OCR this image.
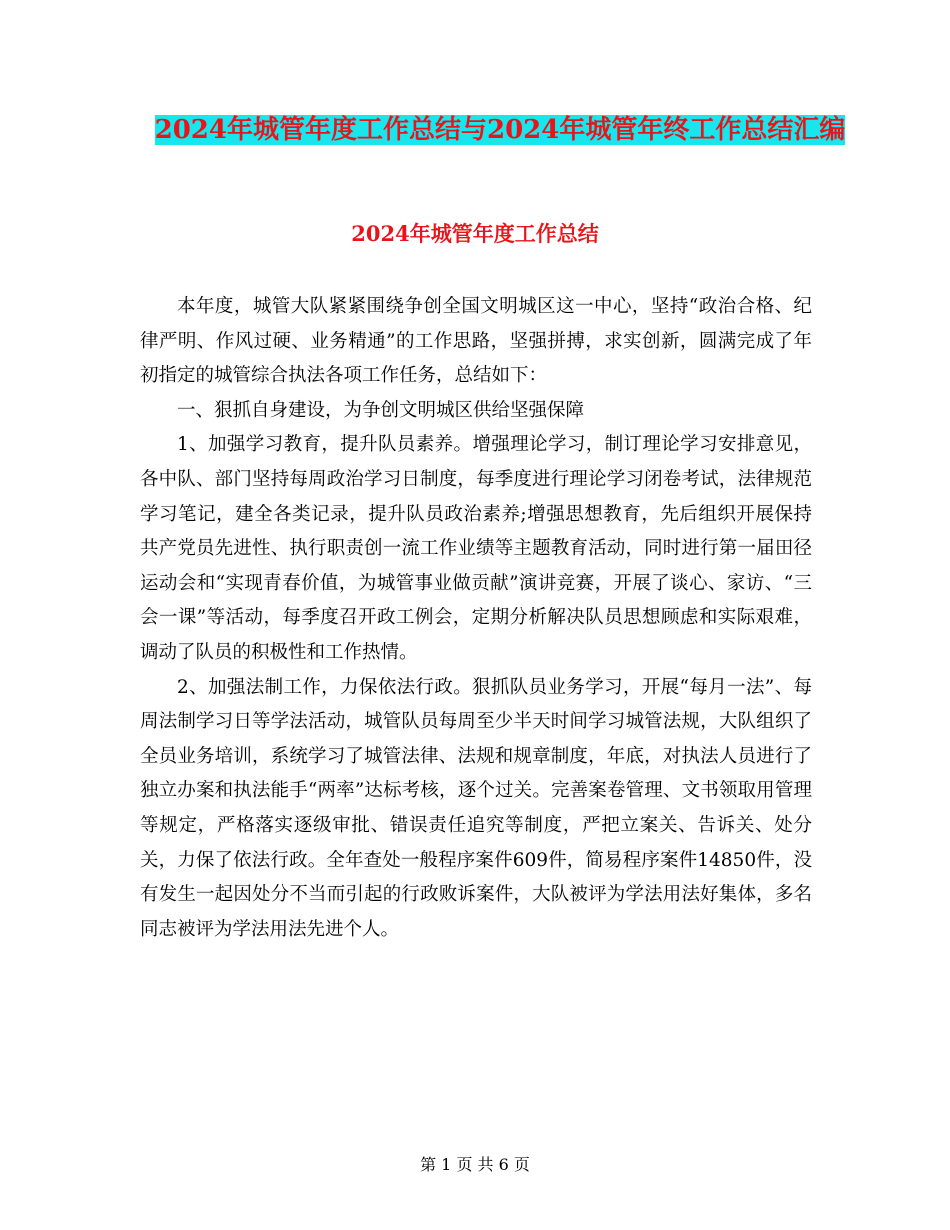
2024年城管年度工作总结与2024年城管年终工作总结汇编
2024年城管年度工作总结

本年度，城管大队紧紧围绕争创全国文明城区这一中心，坚持“政治合格、纪律严明、作风过硬、业务精通”的工作思路，坚强拼搏，求实创新，圆满完成了年初指定的城管综合执法各项工作任务，总结如下：

一、狠抓自身建设，为争创文明城区供给坚强保障

1、加强学习教育，提升队员素养。增强理论学习，制订理论学习安排意见，各中队、部门坚持每周政治学习日制度，每季度进行理论学习闭卷考试，法律规范学习笔记，建全各类记录，提升队员政治素养;增强思想教育，先后组织开展保持共产党员先进性、执行职责创一流工作业绩等主题教育活动，同时进行第一届田径运动会和“实现青春价值，为城管事业做贡献”演讲竞赛，开展了谈心、家访、“三会一课”等活动，每季度召开政工例会，定期分析解决队员思想顾虑和实际艰难，调动了队员的积极性和工作热情。

2、加强法制工作，力保依法行政。狠抓队员业务学习，开展“每月一法”、每周法制学习日等学法活动，城管队员每周至少半天时间学习城管法规，大队组织了全员业务培训，系统学习了城管法律、法规和规章制度，年底，对执法人员进行了独立办案和执法能手“两率”达标考核，逐个过关。完善案卷管理、文书领取用管理等规定，严格落实逐级审批、错误责任追究等制度，严把立案关、告诉关、处分关，力保了依法行政。全年查处一般程序案件609件，简易程序案件14850件，没有发生一起因处分不当而引起的行政败诉案件，大队被评为学法用法好集体，多名同志被评为学法用法先进个人。

第 1 页 共 6 页
